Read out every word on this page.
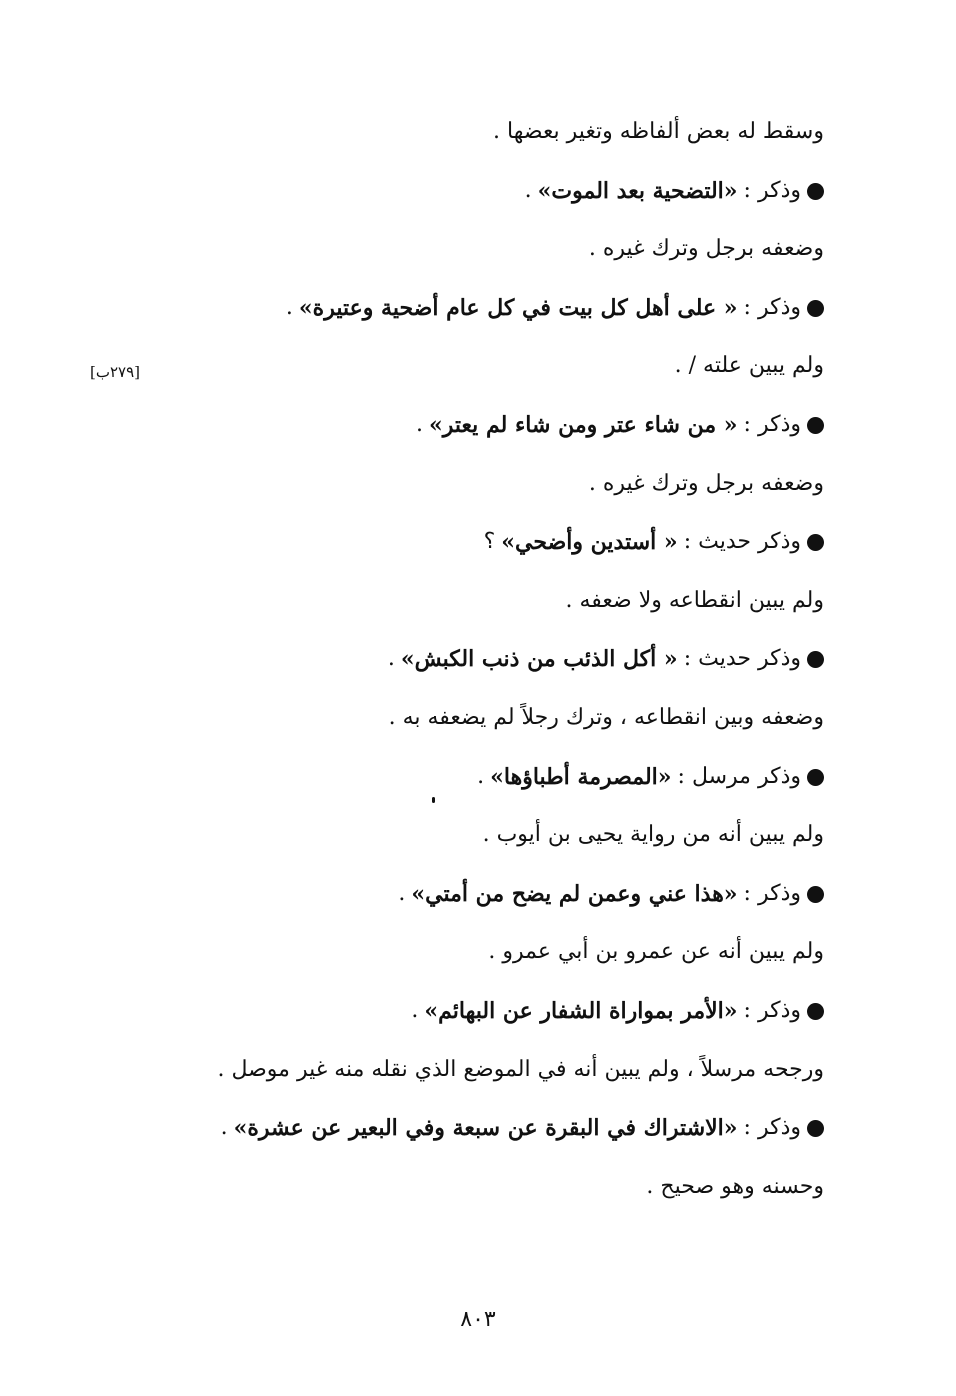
وسقط له بعض ألفاظه وتغير بعضها .
وذكر :
«التضحية بعد الموت»
.
وضعفه برجل وترك غيره .
وذكر :
« على أهل كل بيت في كل عام أضحية وعتيرة»
.
ولم يبين علته / .
وذكر :
« من شاء عتر ومن شاء لم يعتر»
.
وضعفه برجل وترك غيره .
وذكر حديث :
« أستدين وأضحي»
؟
ولم يبين انقطاعه ولا ضعفه .
وذكر حديث :
« أكل الذئب من ذنب الكبش»
.
وضعفه وبين انقطاعه ، وترك رجلاً لم يضعفه به .
وذكر مرسل :
«المصرمة أطباؤها»
.
ولم يبين أنه من رواية يحيى بن أيوب .
وذكر :
«هذا عني وعمن لم يضح من أمتي»
.
ولم يبين أنه عن عمرو بن أبي عمرو .
وذكر :
«الأمر بمواراة الشفار عن البهائم»
.
ورجحه مرسلاً ، ولم يبين أنه في الموضع الذي نقله منه غير موصل .
وذكر :
«الاشتراك في البقرة عن سبعة وفي البعير عن عشرة»
.
وحسنه وهو صحيح .
[٢٧٩ب]
٨٠٣
